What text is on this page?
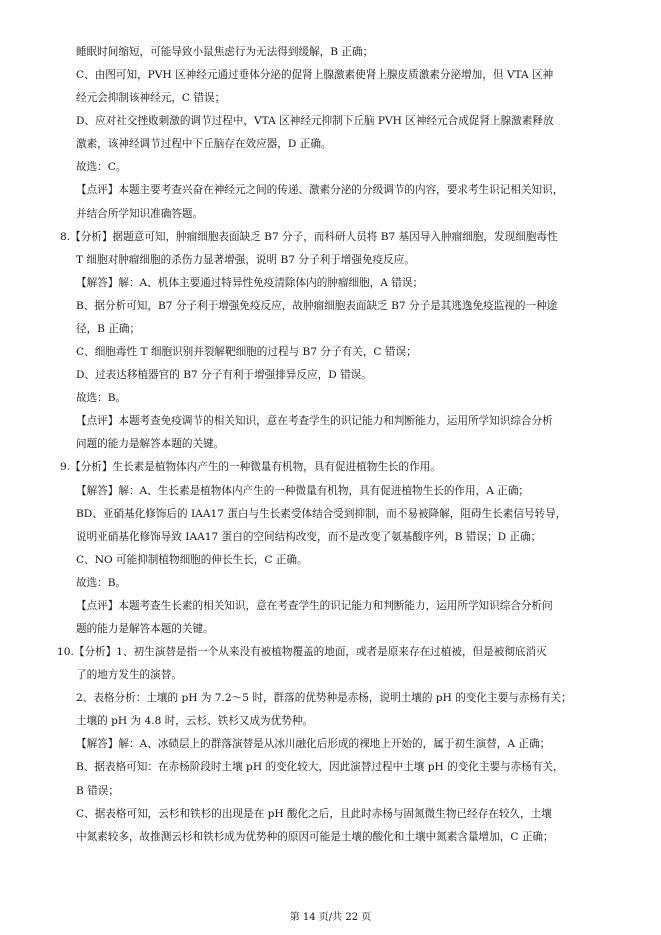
睡眠时间缩短，可能导致小鼠焦虑行为无法得到缓解，B 正确；
C、由图可知，PVH 区神经元通过垂体分泌的促肾上腺激素使肾上腺皮质激素分泌增加，但 VTA 区神
经元会抑制该神经元，C 错误；
D、应对社交挫败刺激的调节过程中，VTA 区神经元抑制下丘脑 PVH 区神经元合成促肾上腺激素释放
激素，该神经调节过程中下丘脑存在效应器，D 正确。
故选：C。
【点评】本题主要考查兴奋在神经元之间的传递、激素分泌的分级调节的内容，要求考生识记相关知识，
并结合所学知识准确答题。
8.【分析】据题意可知，肿瘤细胞表面缺乏 B7 分子，而科研人员将 B7 基因导入肿瘤细胞，发现细胞毒性
T 细胞对肿瘤细胞的杀伤力显著增强，说明 B7 分子利于增强免疫反应。
【解答】解：A、机体主要通过特异性免疫清除体内的肿瘤细胞，A 错误；
B、据分析可知，B7 分子利于增强免疫反应，故肿瘤细胞表面缺乏 B7 分子是其逃逸免疫监视的一种途
径，B 正确；
C、细胞毒性 T 细胞识别并裂解靶细胞的过程与 B7 分子有关，C 错误；
D、过表达移植器官的 B7 分子有利于增强排异反应，D 错误。
故选：B。
【点评】本题考查免疫调节的相关知识，意在考查学生的识记能力和判断能力，运用所学知识综合分析
问题的能力是解答本题的关键。
9.【分析】生长素是植物体内产生的一种微量有机物，具有促进植物生长的作用。
【解答】解：A、生长素是植物体内产生的一种微量有机物，具有促进植物生长的作用，A 正确；
BD、亚硝基化修饰后的 IAA17 蛋白与生长素受体结合受到抑制，而不易被降解，阻碍生长素信号转导，
说明亚硝基化修饰导致 IAA17 蛋白的空间结构改变，而不是改变了氨基酸序列，B 错误；D 正确；
C、NO 可能抑制植物细胞的伸长生长，C 正确。
故选：B。
【点评】本题考查生长素的相关知识，意在考查学生的识记能力和判断能力，运用所学知识综合分析问
题的能力是解答本题的关键。
10.【分析】1、初生演替是指一个从来没有被植物覆盖的地面，或者是原来存在过植被，但是被彻底消灭
了的地方发生的演替。
2、表格分析：土壤的 pH 为 7.2～5 时，群落的优势种是赤杨，说明土壤的 pH 的变化主要与赤杨有关；
土壤的 pH 为 4.8 时，云杉、铁杉又成为优势种。
【解答】解：A、冰碛层上的群落演替是从冰川融化后形成的裸地上开始的，属于初生演替，A 正确；
B、据表格可知：在赤杨阶段时土壤 pH 的变化较大，因此演替过程中土壤 pH 的变化主要与赤杨有关，
B 错误；
C、据表格可知，云杉和铁杉的出现是在 pH 酸化之后，且此时赤杨与固氮微生物已经存在较久，土壤
中氮素较多，故推测云杉和铁杉成为优势种的原因可能是土壤的酸化和土壤中氮素含量增加，C 正确；
第 14 页/共 22 页
